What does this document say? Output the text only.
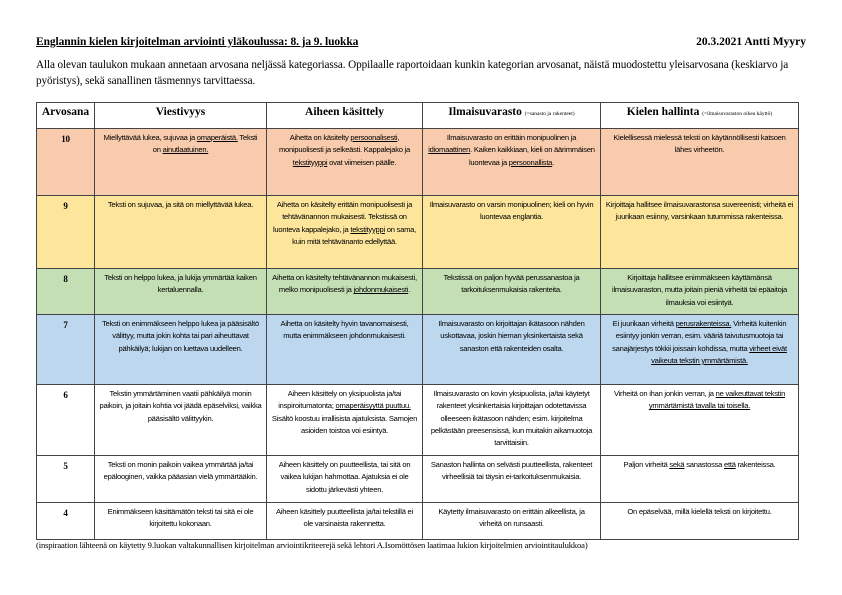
Englannin kielen kirjoitelman arviointi yläkoulussa: 8. ja 9. luokka	20.3.2021 Antti Myyry
Alla olevan taulukon mukaan annetaan arvosana neljässä kategoriassa. Oppilaalle raportoidaan kunkin kategorian arvosanat, näistä muodostettu yleisarvosana (keskiarvo ja pyöristys), sekä sanallinen täsmennys tarvittaessa.
Arvosana	Viestivyys	Aiheen käsittely	Ilmaisuvarasto (=sanasto ja rakenteet)	Kielen hallinta (=ilmaisuvaraston oikea käyttö)
10	Miellyttävää lukea, sujuvaa ja omaperäistä. Teksti on ainutlaatuinen.	Aihetta on käsitelty persoonalisesti, monipuolisesti ja selkeästi. Kappalejako ja tekstityyppi ovat viimeisen päälle.	Ilmaisuvarasto on erittäin monipuolinen ja idiomaattinen. Kaiken kaikkiaan, kieli on äärimmäisen luontevaa ja persoonallista.	Kielellisessä mielessä teksti on käytännöllisesti katsoen lähes virheetön.
9	Teksti on sujuvaa, ja sitä on miellyttävää lukea.	Aihetta on käsitelty erittäin monipuolisesti ja tehtävänannon mukaisesti. Tekstissä on luonteva kappalejako, ja tekstityyppi on sama, kuin mitä tehtävänanto edellyttää.	Ilmaisuvarasto on varsin monipuolinen; kieli on hyvin luontevaa englantia.	Kirjoittaja hallitsee ilmaisuvarastonsa suvereenisti; virheitä ei juurikaan esiinny, varsinkaan tutummissa rakenteissa.
8	Teksti on helppo lukea, ja lukija ymmärtää kaiken kertaluennalla.	Aihetta on käsitelty tehtävänannon mukaisesti, melko monipuolisesti ja johdonmukaisesti.	Tekstissä on paljon hyvää perussanastoa ja tarkoituksenmukaisia rakenteita.	Kirjoittaja hallitsee enimmäkseen käyttämänsä ilmaisuvaraston, mutta joitain pieniä virheitä tai epäaitoja ilmauksia voi esiintyä.
7	Teksti on enimmäkseen helppo lukea ja pääsisältö välittyy, mutta jokin kohta tai pari aiheuttavat pähkäilyä; lukijan on luettava uudelleen.	Aihetta on käsitelty hyvin tavanomaisesti, mutta enimmäkseen johdonmukaisesti.	Ilmaisuvarasto on kirjoittajan ikätasoon nähden uskottavaa, joskin hieman yksinkertaista sekä sanaston että rakenteiden osalta.	Ei juurikaan virheitä perusrakenteissa. Virheitä kuitenkin esiintyy jonkin verran, esim. vääriä taivutusmuotoja tai sanajärjestys tökkii joissain kohdissa, mutta virheet eivät vaikeuta tekstin ymmärtämistä.
6	Tekstin ymmärtäminen vaatii pähkäilyä monin paikoin, ja joitain kohtia voi jäädä epäselviksi, vaikka pääsisältö välittyykin.	Aiheen käsittely on yksipuolista ja/tai inspiroitumatonta; omaperäisyyttä puuttuu. Sisältö koostuu irrallisista ajatuksista. Samojen asioiden toistoa voi esiintyä.	Ilmaisuvarasto on kovin yksipuolista, ja/tai käytetyt rakenteet yksinkertaisia kirjoittajan odotettavissa olleeseen ikätasoon nähden; esim. kirjoitelma pelkästään preesensissä, kun muitakin aikamuotoja tarvittaisiin.	Virheitä on ihan jonkin verran, ja ne vaikeuttavat tekstin ymmärtämistä tavalla tai toisella.
5	Teksti on monin paikoin vaikea ymmärtää ja/tai epälooginen, vaikka pääasian vielä ymmärtääkin.	Aiheen käsittely on puutteellista, tai sitä on vaikea lukijan hahmottaa. Ajatuksia ei ole sidottu järkevästi yhteen.	Sanaston hallinta on selvästi puutteellista, rakenteet virheellisiä tai täysin ei-tarkoituksenmukaisia.	Paljon virheitä sekä sanastossa että rakenteissa.
4	Enimmäkseen käsittämätön teksti tai sitä ei ole kirjoitettu kokonaan.	Aiheen käsittely puutteellista ja/tai tekstillä ei ole varsinaista rakennetta.	Käytetty ilmaisuvarasto on erittäin alkeellista, ja virheitä on runsaasti.	On epäselvää, millä kielellä teksti on kirjoitettu.
(inspiraation lähteenä on käytetty 9.luokan valtakunnallisen kirjoitelman arviointikriteerejä sekä lehtori A.Isomöttösen laatimaa lukion kirjoitelmien arviointitaulukkoa)
